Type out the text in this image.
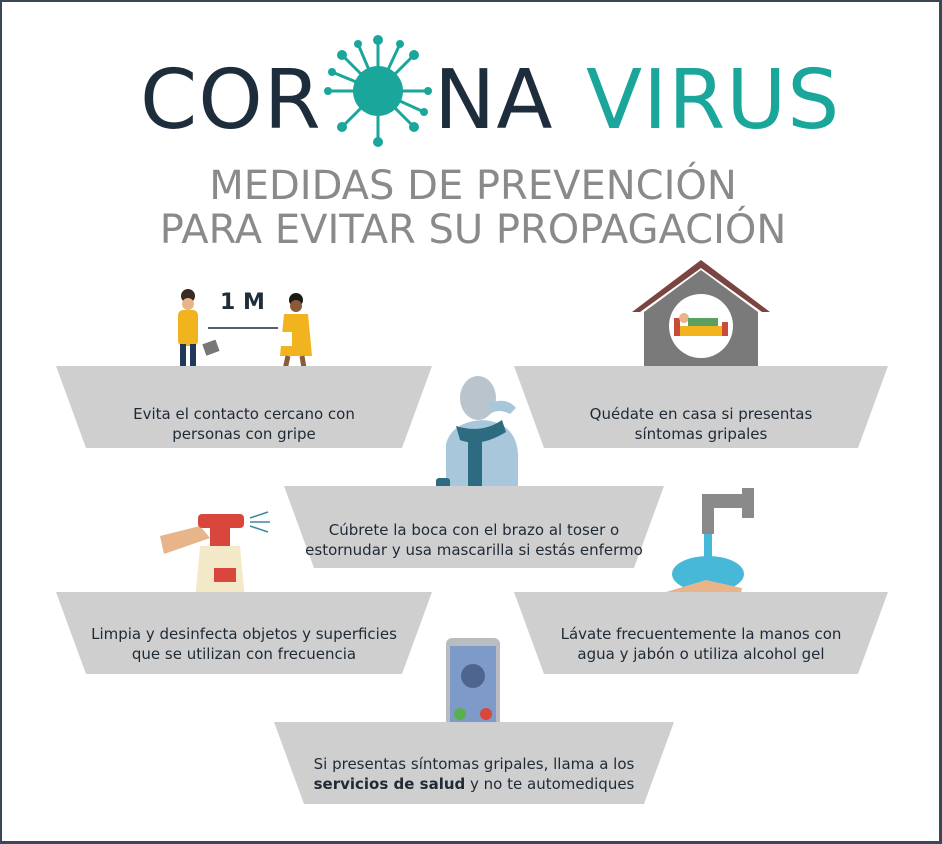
COR NA VIRUS
MEDIDAS DE PREVENCIÓN
PARA EVITAR SU PROPAGACIÓN
1 M
Evita el contacto cercano con
personas con gripe
Quédate en casa si presentas
síntomas gripales
Cúbrete la boca con el brazo al toser o
estornudar y usa mascarilla si estás enfermo
Limpia y desinfecta objetos y superficies
que se utilizan con frecuencia
Lávate frecuentemente la manos con
agua y jabón o utiliza alcohol gel
Si presentas síntomas gripales, llama a los
servicios de salud y no te automediques
